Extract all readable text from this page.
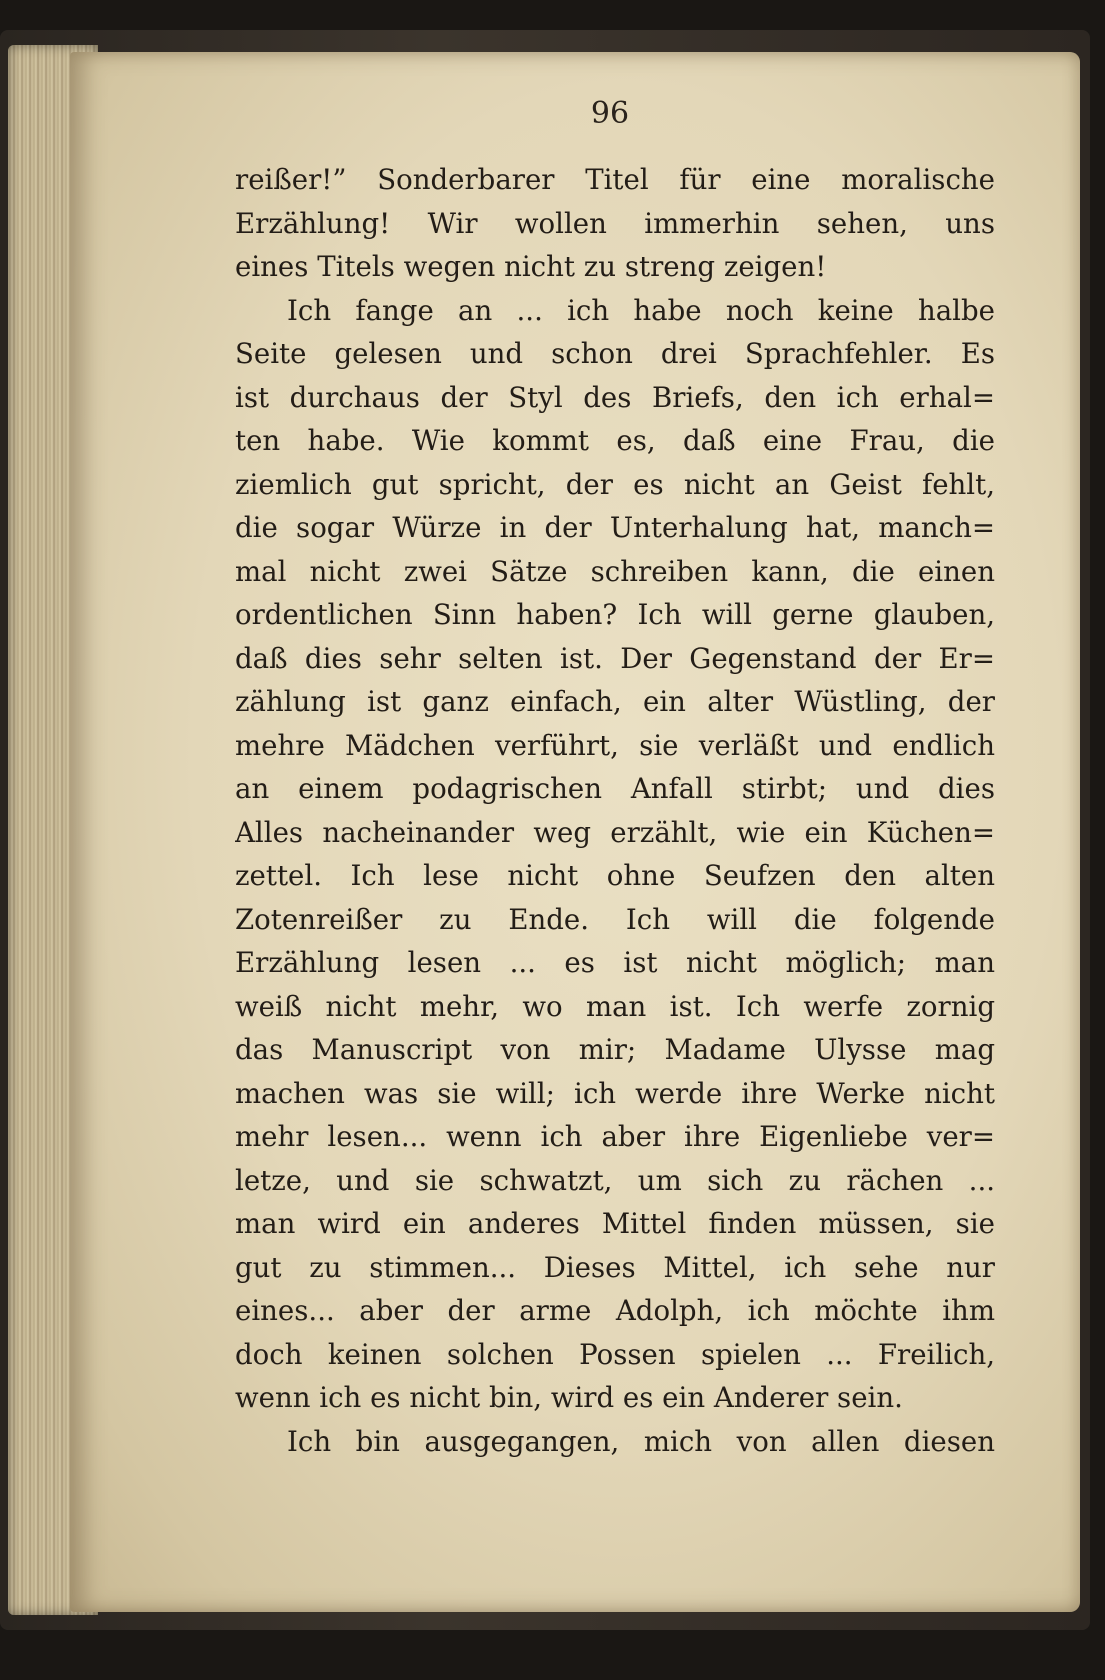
96
reißer!” Sonderbarer Titel für eine moralische
Erzählung! Wir wollen immerhin sehen, uns
eines Titels wegen nicht zu streng zeigen!
Ich fange an ... ich habe noch keine halbe
Seite gelesen und schon drei Sprachfehler. Es
ist durchaus der Styl des Briefs, den ich erhal=
ten habe. Wie kommt es, daß eine Frau, die
ziemlich gut spricht, der es nicht an Geist fehlt,
die sogar Würze in der Unterhalung hat, manch=
mal nicht zwei Sätze schreiben kann, die einen
ordentlichen Sinn haben? Ich will gerne glauben,
daß dies sehr selten ist. Der Gegenstand der Er=
zählung ist ganz einfach, ein alter Wüstling, der
mehre Mädchen verführt, sie verläßt und endlich
an einem podagrischen Anfall stirbt; und dies
Alles nacheinander weg erzählt, wie ein Küchen=
zettel. Ich lese nicht ohne Seufzen den alten
Zotenreißer zu Ende. Ich will die folgende
Erzählung lesen ... es ist nicht möglich; man
weiß nicht mehr, wo man ist. Ich werfe zornig
das Manuscript von mir; Madame Ulysse mag
machen was sie will; ich werde ihre Werke nicht
mehr lesen... wenn ich aber ihre Eigenliebe ver=
letze, und sie schwatzt, um sich zu rächen ...
man wird ein anderes Mittel finden müssen, sie
gut zu stimmen... Dieses Mittel, ich sehe nur
eines... aber der arme Adolph, ich möchte ihm
doch keinen solchen Possen spielen ... Freilich,
wenn ich es nicht bin, wird es ein Anderer sein.
Ich bin ausgegangen, mich von allen diesen
